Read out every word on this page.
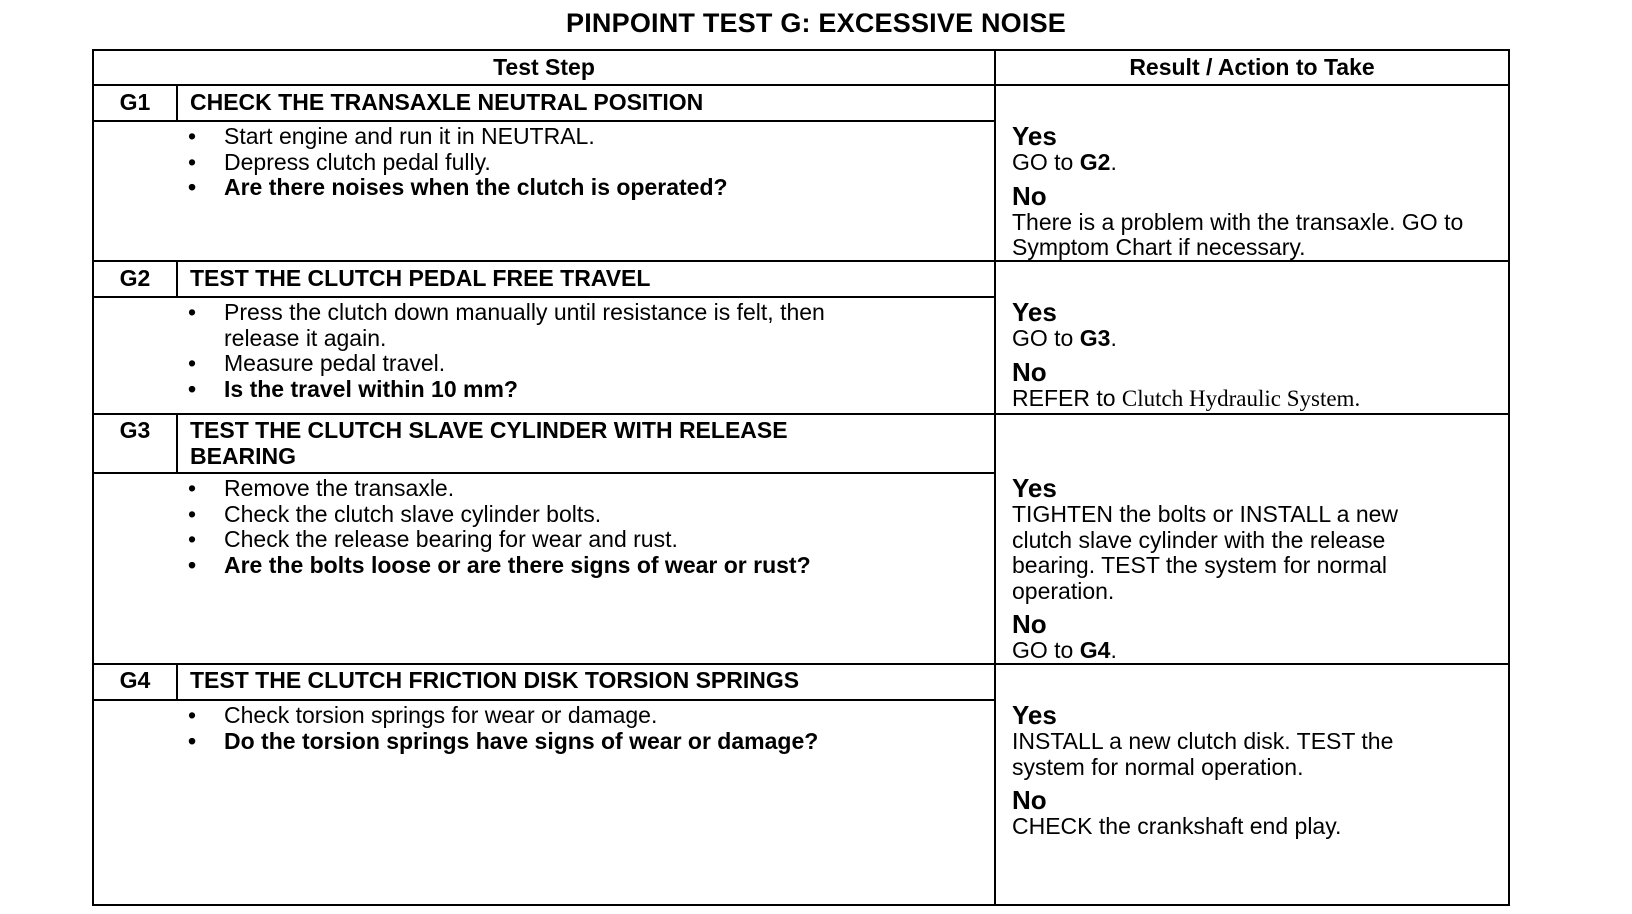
PINPOINT TEST G: EXCESSIVE NOISE
Test Step	Result / Action to Take
G1	CHECK THE TRANSAXLE NEUTRAL POSITION
• Start engine and run it in NEUTRAL.
• Depress clutch pedal fully.
• Are there noises when the clutch is operated?
Yes
GO to G2.
No
There is a problem with the transaxle. GO to Symptom Chart if necessary.
G2	TEST THE CLUTCH PEDAL FREE TRAVEL
• Press the clutch down manually until resistance is felt, then release it again.
• Measure pedal travel.
• Is the travel within 10 mm?
Yes
GO to G3.
No
REFER to Clutch Hydraulic System.
G3	TEST THE CLUTCH SLAVE CYLINDER WITH RELEASE BEARING
• Remove the transaxle.
• Check the clutch slave cylinder bolts.
• Check the release bearing for wear and rust.
• Are the bolts loose or are there signs of wear or rust?
Yes
TIGHTEN the bolts or INSTALL a new clutch slave cylinder with the release bearing. TEST the system for normal operation.
No
GO to G4.
G4	TEST THE CLUTCH FRICTION DISK TORSION SPRINGS
• Check torsion springs for wear or damage.
• Do the torsion springs have signs of wear or damage?
Yes
INSTALL a new clutch disk. TEST the system for normal operation.
No
CHECK the crankshaft end play.
